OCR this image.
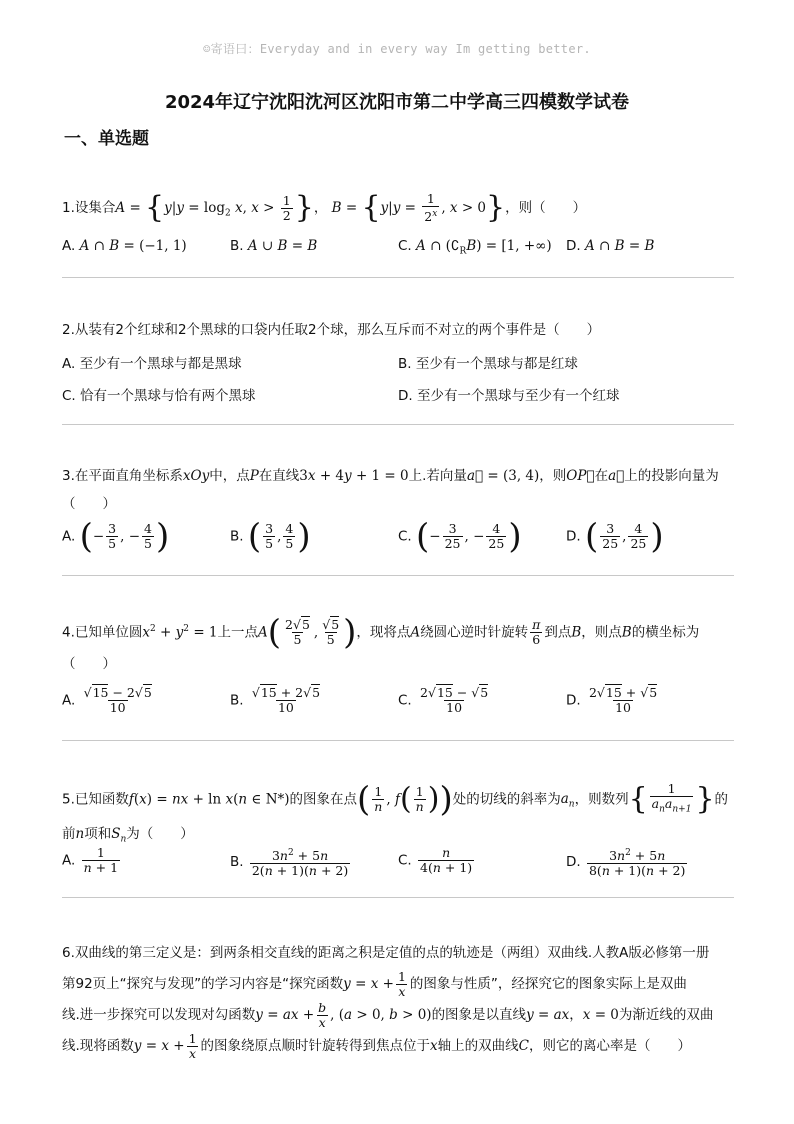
☺寄语曰：Everyday and in every way Im getting better.
2024年辽宁沈阳沈河区沈阳市第二中学高三四模数学试卷
一、单选题
1.设集合$A = \{y|y = \log_2 x$, $x > \frac{1}{2}$ }， $B = \{y|y = \frac{1}{2^x}$ , x > 0}，则（　　）
A. A ∩ B = (−1, 1)	B. A ∪ B = B	C. A ∩ $(∁_RB) = [1$, +∞) D. A ∩ B = B
2.从装有2个红球和2个黑球的口袋内任取2个球，那么互斥而不对立的两个事件是（　　）
A. 至少有一个黑球与都是黑球	B. 至少有一个黑球与都是红球
C. 恰有一个黑球与恰有两个黑球	D. 至少有一个黑球与至少有一个红球
3.在平面直角坐标系xOy中，点P在直线3x + 4y + 1 = 0上.若向量a⃗ = (3, 4)，则OP⃗在a⃗上的投影向量为
（　　）
A. (− $\frac{3}{5}$ , − $\frac{4}{5}$ )	B. ( $\frac{3}{5}$ , $\frac{4}{5}$ )	C. (− $\frac{3}{25}$ , − $\frac{4}{25}$ )	D. ( $\frac{3}{25}$ , $\frac{4}{25}$ )
4.已知单位圆$x^2 + y^2 = 1$上一点$A( \frac{2√5}{5}$ , $\frac{√5}{5}$ )，现将点A绕圆心逆时针旋转 $\frac{\pi}{6}$ 到点B，则点B的横坐标为
（　　）
A. $\frac{√15 - 2√5}{10}$	B. $\frac{√15 + 2√5}{10}$	C. $\frac{2√15 - √5}{10}$	D. $\frac{2√15 + √5}{10}$
5.已知函数f(x) = nx + ln x(n ∈ N*)的图象在点( $\frac{1}{n}$ , $f( \frac{1}{n}$ ))处的切线的斜率为$a_n$，则数列{ $\frac{1}{a_na_{n+1}}$ }的
前n项和$S_n$为（　　）
A. $\frac{1}{n + 1}$	B. $\frac{3n^2 + 5n}{2(n + 1)(n + 2)}$	C. $\frac{n}{4(n + 1)}$	D. $\frac{3n^2 + 5n}{8(n + 1)(n + 2)}$
6.双曲线的第三定义是：到两条相交直线的距离之积是定值的点的轨迹是（两组）双曲线.人教A版必修第一册
第92页上“探究与发现”的学习内容是“探究函数$y = x + \frac{1}{x}$ 的图象与性质”，经探究它的图象实际上是双曲
线.进一步探究可以发现对勾函数y = ax + $\frac{b}{x}$ , (a > 0, b > 0)的图象是以直线y = ax，x = 0为渐近线的双曲
线.现将函数$y = x + \frac{1}{x}$ 的图象绕原点顺时针旋转得到焦点位于x轴上的双曲线C，则它的离心率是（　　）
